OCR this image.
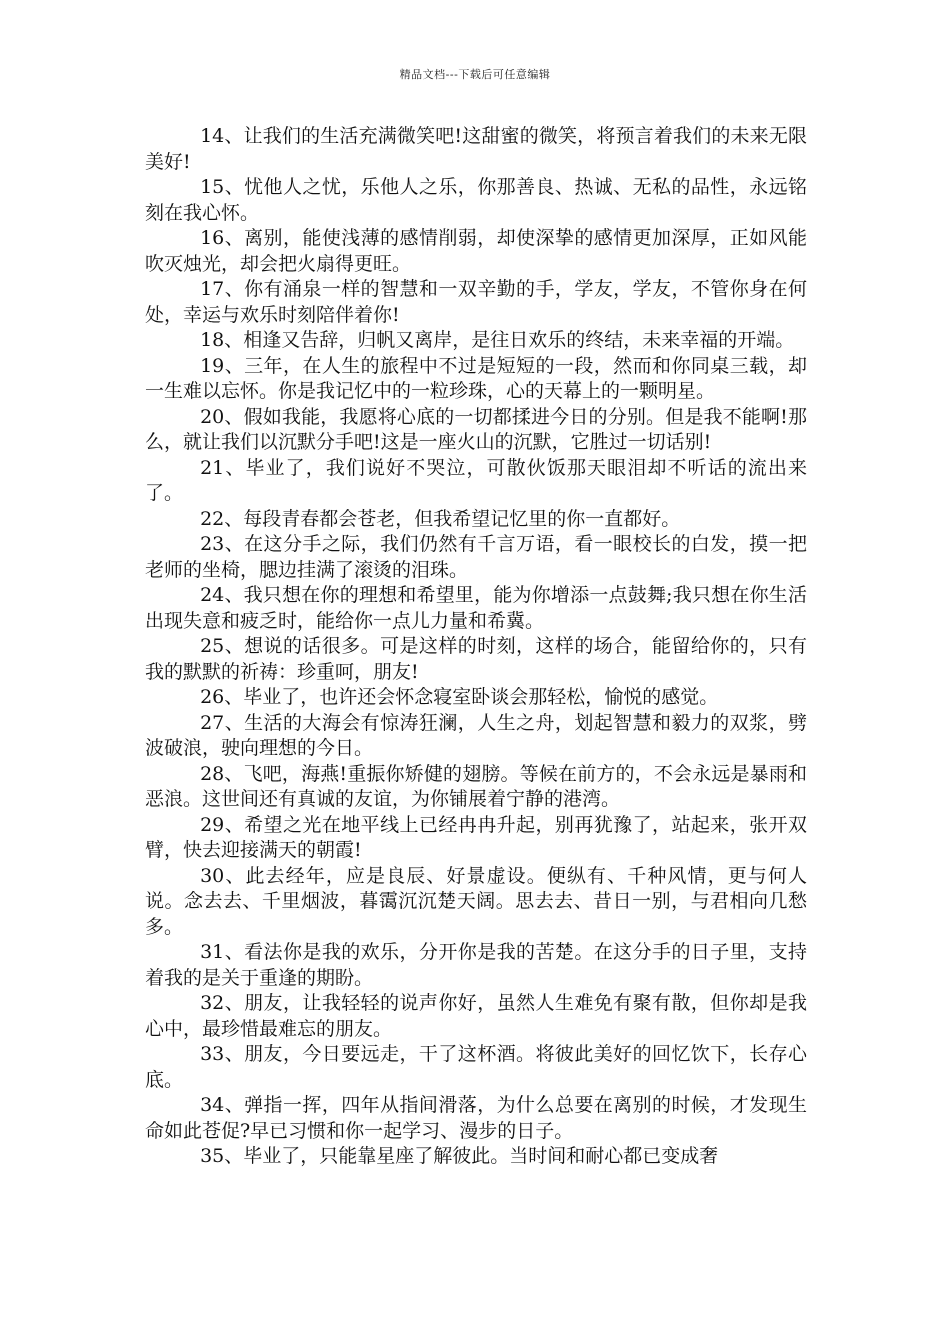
精品文档---下载后可任意编辑

14、让我们的生活充满微笑吧!这甜蜜的微笑，将预言着我们的未来无限美好!

15、忧他人之忧，乐他人之乐，你那善良、热诚、无私的品性，永远铭刻在我心怀。

16、离别，能使浅薄的感情削弱，却使深挚的感情更加深厚，正如风能吹灭烛光，却会把火扇得更旺。

17、你有涌泉一样的智慧和一双辛勤的手，学友，学友，不管你身在何处，幸运与欢乐时刻陪伴着你!

18、相逢又告辞，归帆又离岸，是往日欢乐的终结，未来幸福的开端。

19、三年，在人生的旅程中不过是短短的一段，然而和你同桌三载，却一生难以忘怀。你是我记忆中的一粒珍珠，心的天幕上的一颗明星。

20、假如我能，我愿将心底的一切都揉进今日的分别。但是我不能啊!那么，就让我们以沉默分手吧!这是一座火山的沉默，它胜过一切话别!

21、毕业了，我们说好不哭泣，可散伙饭那天眼泪却不听话的流出来了。

22、每段青春都会苍老，但我希望记忆里的你一直都好。

23、在这分手之际，我们仍然有千言万语，看一眼校长的白发，摸一把老师的坐椅，腮边挂满了滚烫的泪珠。

24、我只想在你的理想和希望里，能为你增添一点鼓舞;我只想在你生活出现失意和疲乏时，能给你一点儿力量和希冀。

25、想说的话很多。可是这样的时刻，这样的场合，能留给你的，只有我的默默的祈祷：珍重呵，朋友!

26、毕业了，也许还会怀念寝室卧谈会那轻松，愉悦的感觉。

27、生活的大海会有惊涛狂澜，人生之舟，划起智慧和毅力的双浆，劈波破浪，驶向理想的今日。

28、飞吧，海燕!重振你矫健的翅膀。等候在前方的，不会永远是暴雨和恶浪。这世间还有真诚的友谊，为你铺展着宁静的港湾。

29、希望之光在地平线上已经冉冉升起，别再犹豫了，站起来，张开双臂，快去迎接满天的朝霞!

30、此去经年，应是良辰、好景虚设。便纵有、千种风情，更与何人说。念去去、千里烟波，暮霭沉沉楚天阔。思去去、昔日一别，与君相向几愁多。

31、看法你是我的欢乐，分开你是我的苦楚。在这分手的日子里，支持着我的是关于重逢的期盼。

32、朋友，让我轻轻的说声你好，虽然人生难免有聚有散，但你却是我心中，最珍惜最难忘的朋友。

33、朋友，今日要远走，干了这杯酒。将彼此美好的回忆饮下，长存心底。

34、弹指一挥，四年从指间滑落，为什么总要在离别的时候，才发现生命如此苍促?早已习惯和你一起学习、漫步的日子。

35、毕业了，只能靠星座了解彼此。当时间和耐心都已变成奢
